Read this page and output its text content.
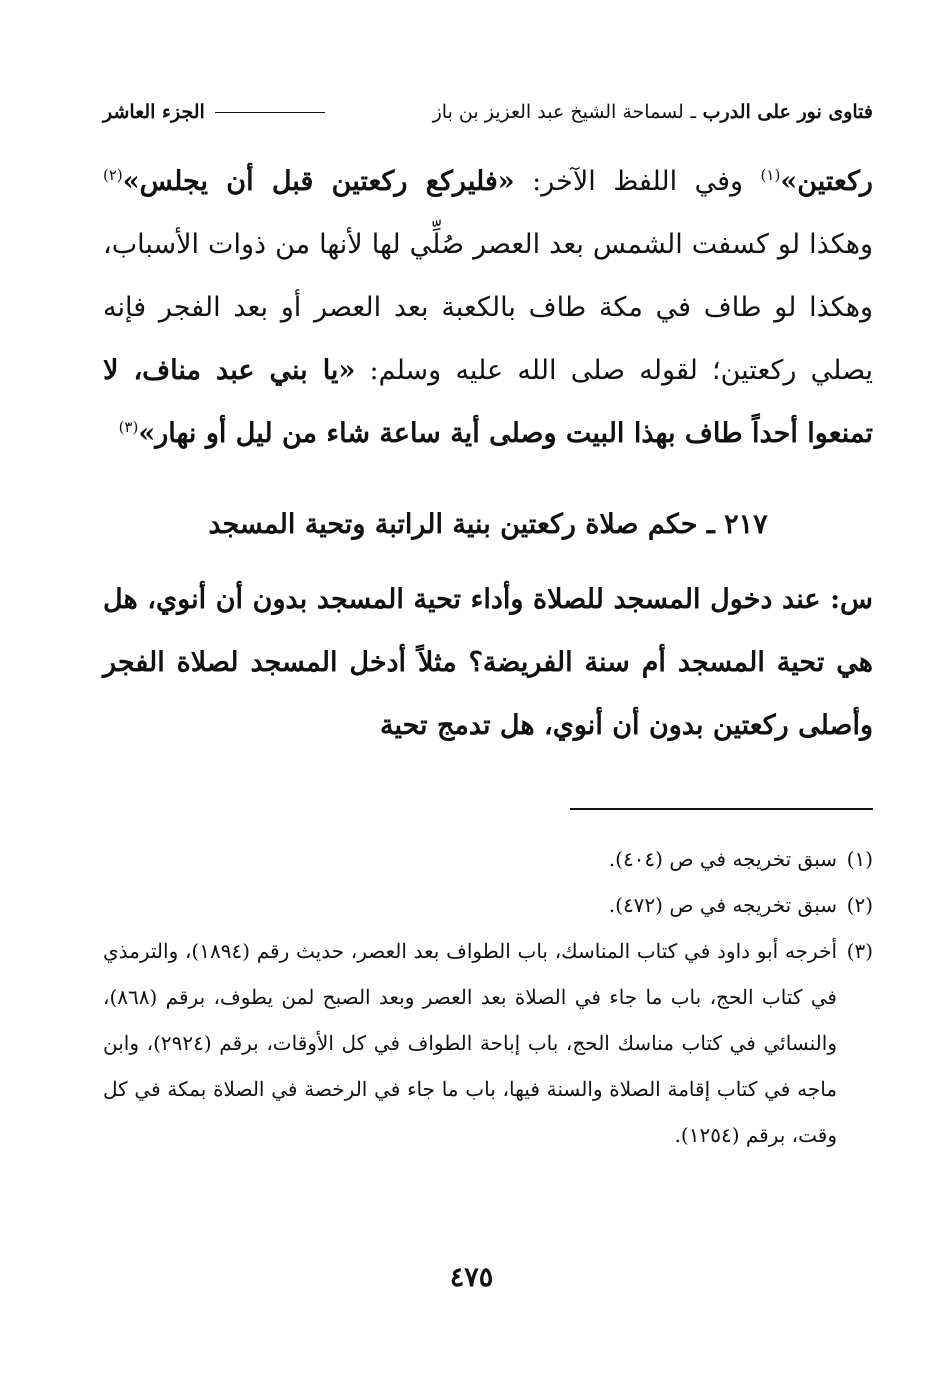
فتاوى نور على الدرب ـ لسماحة الشيخ عبد العزيز بن باز
الجزء العاشر

ركعتين»$^{(١)}$ وفي اللفظ الآخر: «فليركع ركعتين قبل أن يجلس»$^{(٢)}$ وهكذا لو كسفت الشمس بعد العصر صُلِّي لها لأنها من ذوات الأسباب، وهكذا لو طاف في مكة طاف بالكعبة بعد العصر أو بعد الفجر فإنه يصلي ركعتين؛ لقوله صلى الله عليه وسلم: «يا بني عبد مناف، لا تمنعوا أحداً طاف بهذا البيت وصلى أية ساعة شاء من ليل أو نهار»$^{(٣)}$

٢١٧ ـ حكم صلاة ركعتين بنية الراتبة وتحية المسجد
س: عند دخول المسجد للصلاة وأداء تحية المسجد بدون أن أنوي، هل هي تحية المسجد أم سنة الفريضة؟ مثلاً أدخل المسجد لصلاة الفجر وأصلى ركعتين بدون أن أنوي، هل تدمج تحية
(١)
سبق تخريجه في ص (٤٠٤).
(٢)
سبق تخريجه في ص (٤٧٢).
(٣)
أخرجه أبو داود في كتاب المناسك، باب الطواف بعد العصر، حديث رقم (١٨٩٤)، والترمذي في كتاب الحج، باب ما جاء في الصلاة بعد العصر وبعد الصبح لمن يطوف، برقم (٨٦٨)، والنسائي في كتاب مناسك الحج، باب إباحة الطواف في كل الأوقات، برقم (٢٩٢٤)، وابن ماجه في كتاب إقامة الصلاة والسنة فيها، باب ما جاء في الرخصة في الصلاة بمكة في كل وقت، برقم (١٢٥٤).
٤٧٥
